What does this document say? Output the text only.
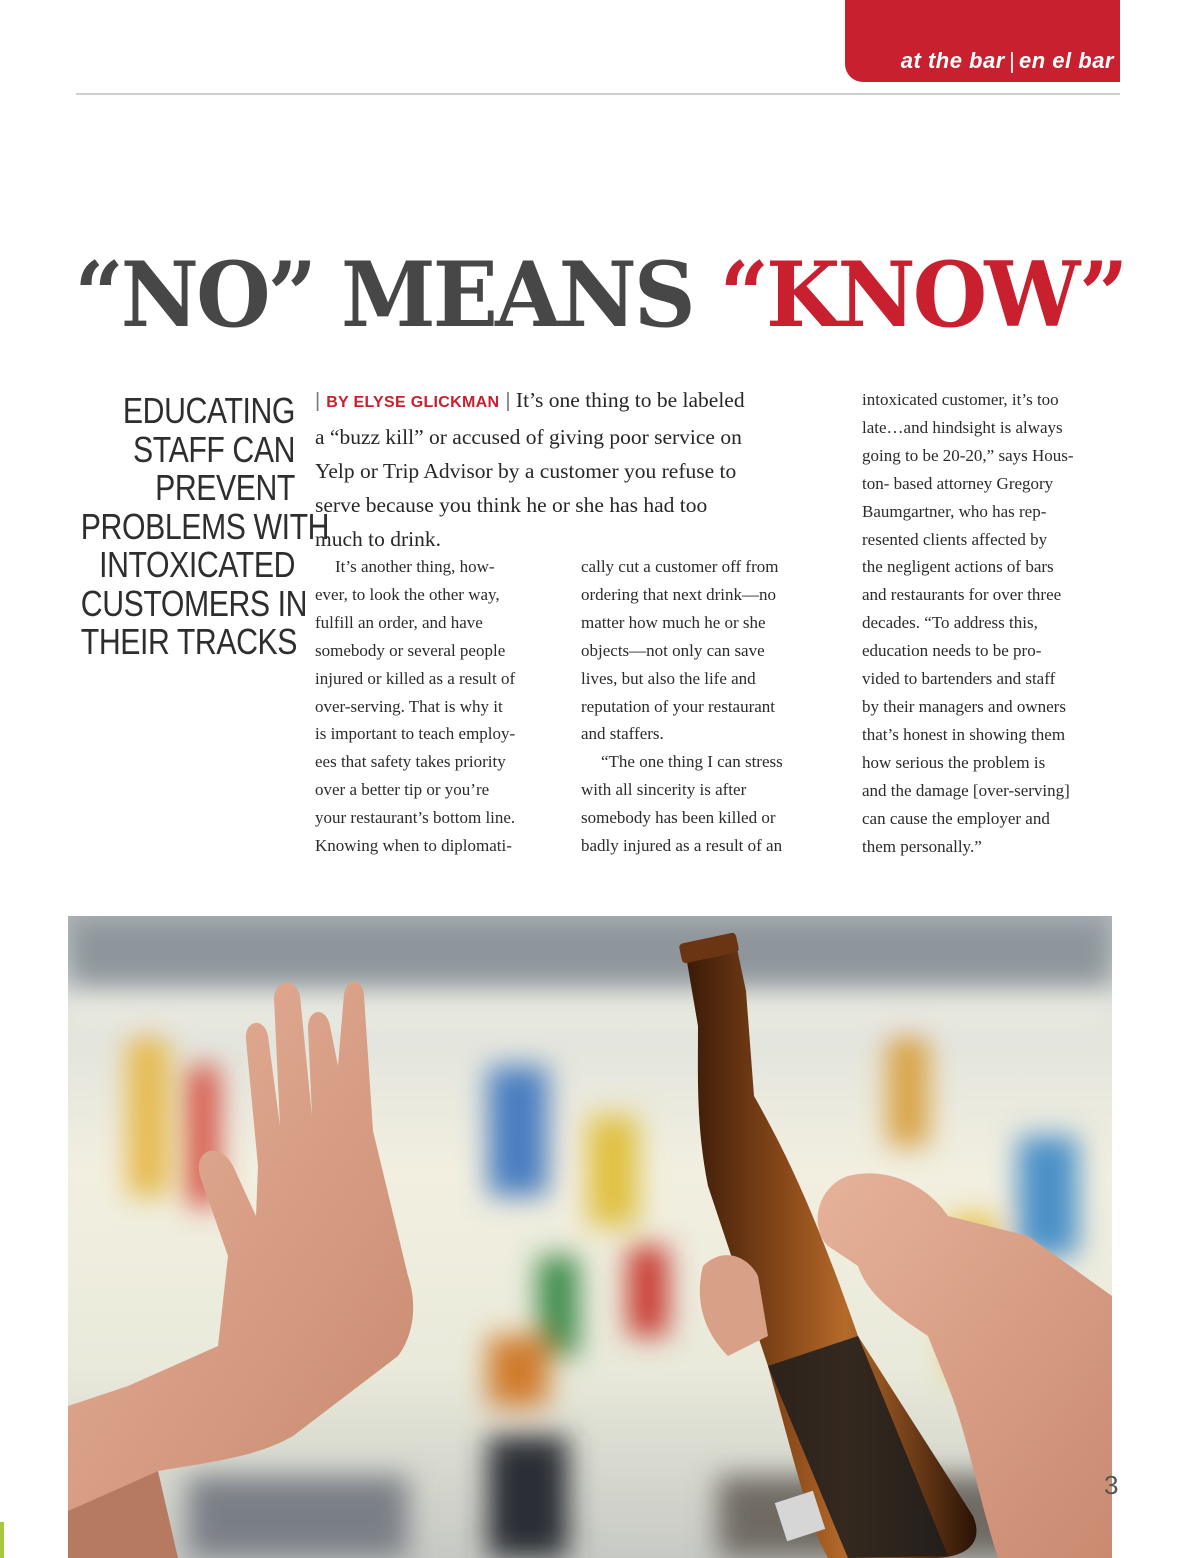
at the bar | en el bar
“NO” MEANS “KNOW”
EDUCATING
STAFF CAN
PREVENT
PROBLEMS WITH
INTOXICATED
CUSTOMERS IN
THEIR TRACKS
| BY ELYSE GLICKMAN | It’s one thing to be labeled
a “buzz kill” or accused of giving poor service on
Yelp or Trip Advisor by a customer you refuse to
serve because you think he or she has had too
much to drink.
It’s another thing, how-
ever, to look the other way,
fulfill an order, and have
somebody or several people
injured or killed as a result of
over-serving. That is why it
is important to teach employ-
ees that safety takes priority
over a better tip or you’re
your restaurant’s bottom line.
Knowing when to diplomati-
cally cut a customer off from
ordering that next drink—no
matter how much he or she
objects—not only can save
lives, but also the life and
reputation of your restaurant
and staffers.
“The one thing I can stress
with all sincerity is after
somebody has been killed or
badly injured as a result of an
intoxicated customer, it’s too
late…and hindsight is always
going to be 20-20,” says Hous-
ton- based attorney Gregory
Baumgartner, who has rep-
resented clients affected by
the negligent actions of bars
and restaurants for over three
decades. “To address this,
education needs to be pro-
vided to bartenders and staff
by their managers and owners
that’s honest in showing them
how serious the problem is
and the damage [over-serving]
can cause the employer and
them personally.”
3
